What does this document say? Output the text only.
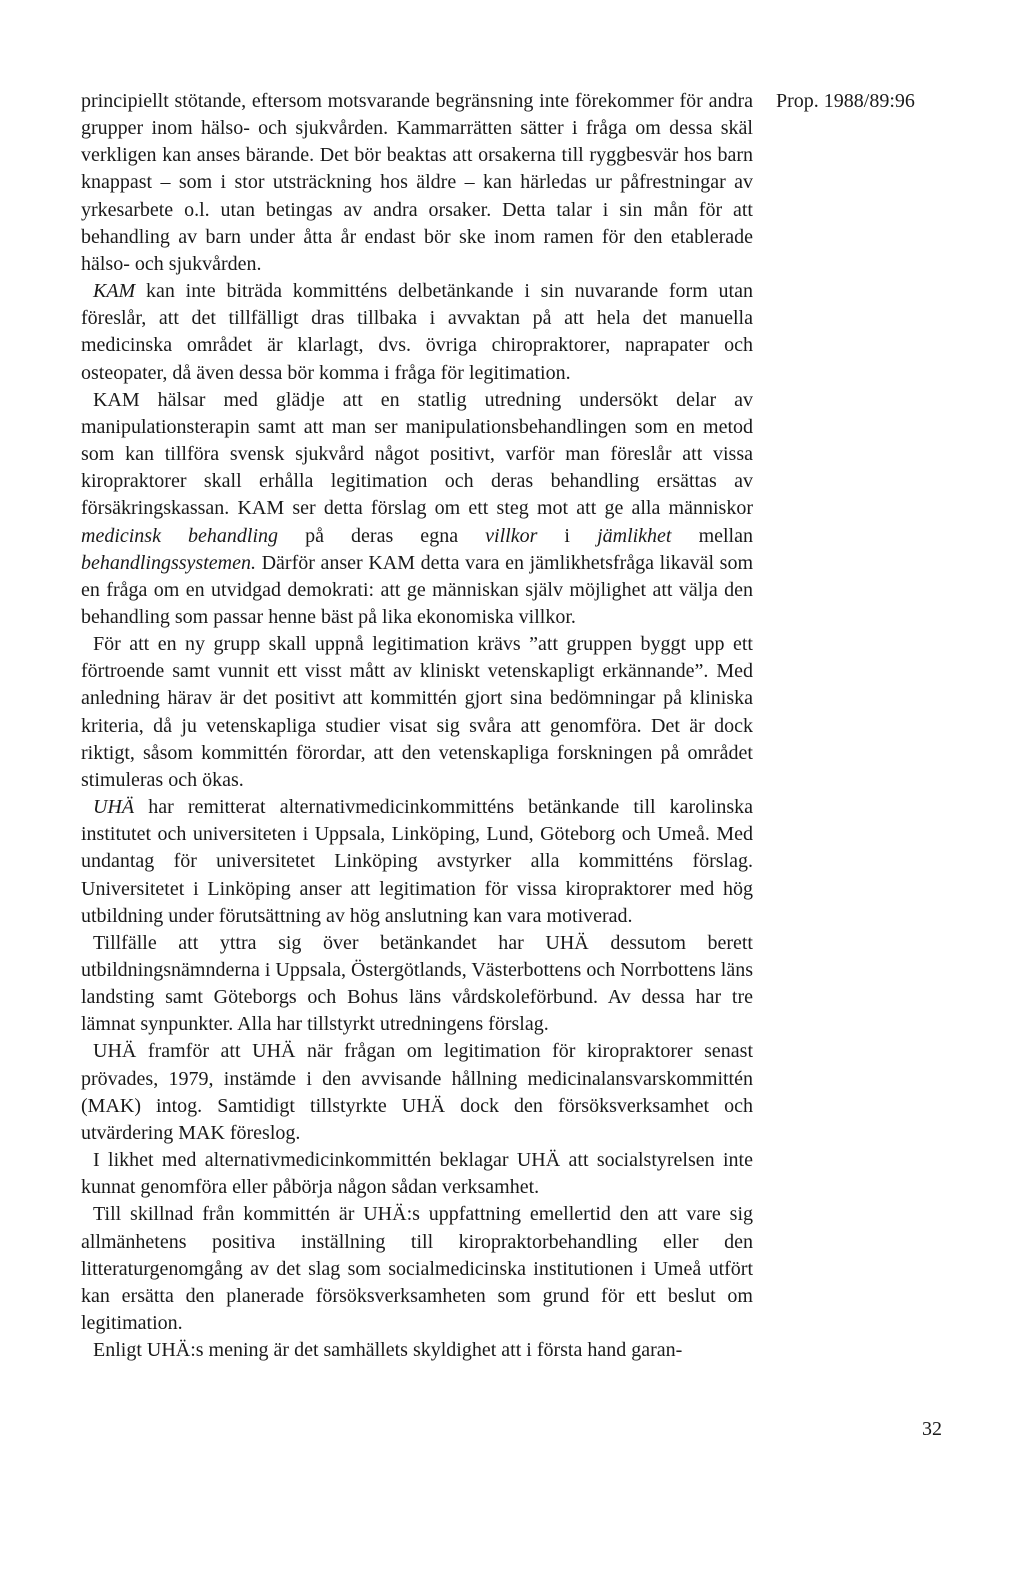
Prop. 1988/89:96

principiellt stötande, eftersom motsvarande begränsning inte förekommer för andra grupper inom hälso- och sjukvården. Kammarrätten sätter i fråga om dessa skäl verkligen kan anses bärande. Det bör beaktas att orsakerna till ryggbesvär hos barn knappast – som i stor utsträckning hos äldre – kan härledas ur påfrestningar av yrkesarbete o.l. utan betingas av andra orsaker. Detta talar i sin mån för att behandling av barn under åtta år endast bör ske inom ramen för den etablerade hälso- och sjukvården.

KAM kan inte biträda kommitténs delbetänkande i sin nuvarande form utan föreslår, att det tillfälligt dras tillbaka i avvaktan på att hela det manuella medicinska området är klarlagt, dvs. övriga chiropraktorer, naprapater och osteopater, då även dessa bör komma i fråga för legitimation.

KAM hälsar med glädje att en statlig utredning undersökt delar av manipulationsterapin samt att man ser manipulationsbehandlingen som en metod som kan tillföra svensk sjukvård något positivt, varför man föreslår att vissa kiropraktorer skall erhålla legitimation och deras behandling ersättas av försäkringskassan. KAM ser detta förslag om ett steg mot att ge alla människor medicinsk behandling på deras egna villkor i jämlikhet mellan behandlingssystemen. Därför anser KAM detta vara en jämlikhetsfråga likaväl som en fråga om en utvidgad demokrati: att ge människan själv möjlighet att välja den behandling som passar henne bäst på lika ekonomiska villkor.

För att en ny grupp skall uppnå legitimation krävs ”att gruppen byggt upp ett förtroende samt vunnit ett visst mått av kliniskt vetenskapligt erkännande”. Med anledning härav är det positivt att kommittén gjort sina bedömningar på kliniska kriteria, då ju vetenskapliga studier visat sig svåra att genomföra. Det är dock riktigt, såsom kommittén förordar, att den vetenskapliga forskningen på området stimuleras och ökas.

UHÄ har remitterat alternativmedicinkommitténs betänkande till karolinska institutet och universiteten i Uppsala, Linköping, Lund, Göteborg och Umeå. Med undantag för universitetet Linköping avstyrker alla kommitténs förslag. Universitetet i Linköping anser att legitimation för vissa kiropraktorer med hög utbildning under förutsättning av hög anslutning kan vara motiverad.

Tillfälle att yttra sig över betänkandet har UHÄ dessutom berett utbildningsnämnderna i Uppsala, Östergötlands, Västerbottens och Norrbottens läns landsting samt Göteborgs och Bohus läns vårdskoleförbund. Av dessa har tre lämnat synpunkter. Alla har tillstyrkt utredningens förslag.

UHÄ framför att UHÄ när frågan om legitimation för kiropraktorer senast prövades, 1979, instämde i den avvisande hållning medicinalansvarskommittén (MAK) intog. Samtidigt tillstyrkte UHÄ dock den försöksverksamhet och utvärdering MAK föreslog.

I likhet med alternativmedicinkommittén beklagar UHÄ att socialstyrelsen inte kunnat genomföra eller påbörja någon sådan verksamhet.

Till skillnad från kommittén är UHÄ:s uppfattning emellertid den att vare sig allmänhetens positiva inställning till kiropraktorbehandling eller den litteraturgenomgång av det slag som socialmedicinska institutionen i Umeå utfört kan ersätta den planerade försöksverksamheten som grund för ett beslut om legitimation.

Enligt UHÄ:s mening är det samhällets skyldighet att i första hand garan-

32
